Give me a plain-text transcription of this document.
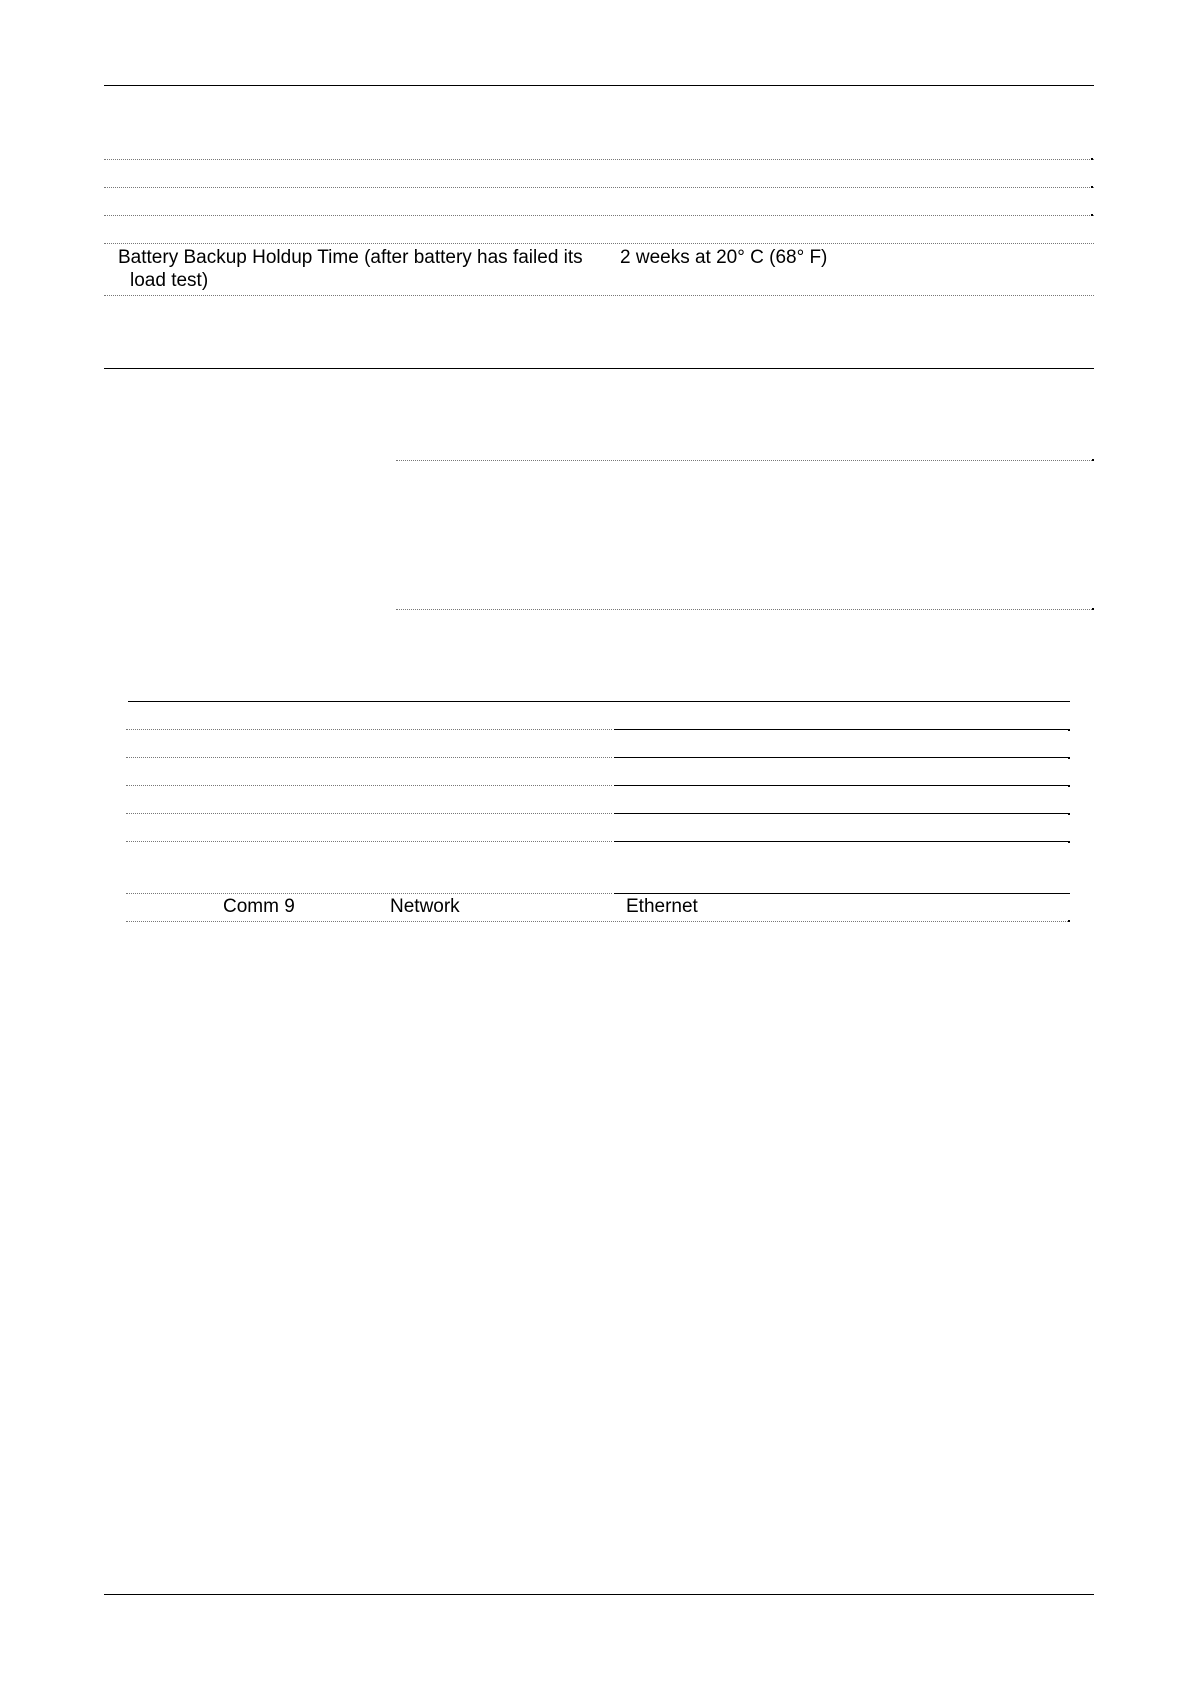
Battery Backup Holdup Time (after battery has failed its
load test)
2 weeks at 20° C (68° F)
Comm 9	Network	Ethernet
